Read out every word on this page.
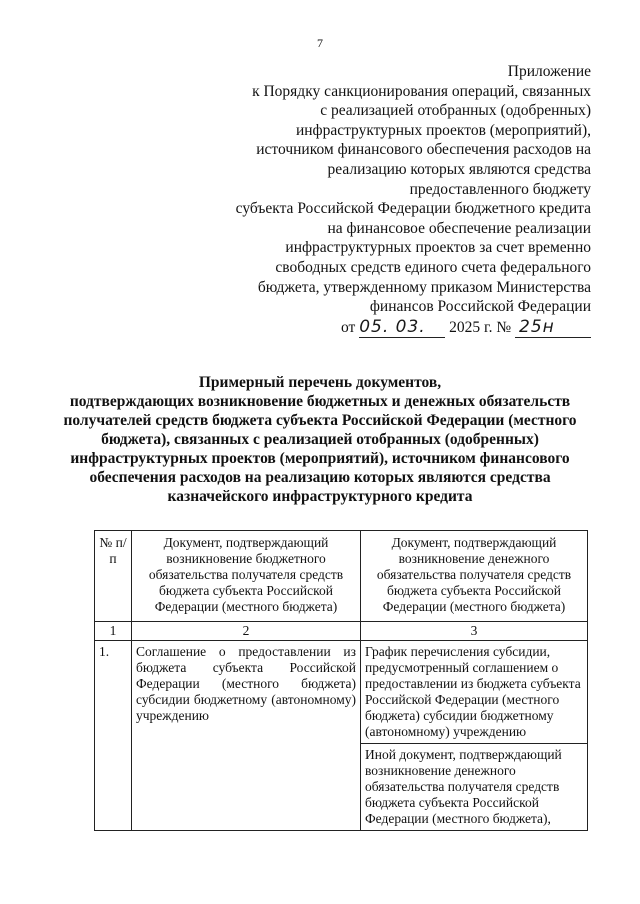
7
Приложение
к Порядку санкционирования операций, связанных
с реализацией отобранных (одобренных)
инфраструктурных проектов (мероприятий),
источником финансового обеспечения расходов на
реализацию которых являются средства
предоставленного бюджету
субъекта Российской Федерации бюджетного кредита
на финансовое обеспечение реализации
инфраструктурных проектов за счет временно
свободных средств единого счета федерального
бюджета, утвержденному приказом Министерства
финансов Российской Федерации
от 05. 03. 2025 г. № 25н
Примерный перечень документов,
подтверждающих возникновение бюджетных и денежных обязательств
получателей средств бюджета субъекта Российской Федерации (местного
бюджета), связанных с реализацией отобранных (одобренных)
инфраструктурных проектов (мероприятий), источником финансового
обеспечения расходов на реализацию которых являются средства
казначейского инфраструктурного кредита
№ п/п	Документ, подтверждающий возникновение бюджетного обязательства получателя средств бюджета субъекта Российской Федерации (местного бюджета)	Документ, подтверждающий возникновение денежного обязательства получателя средств бюджета субъекта Российской Федерации (местного бюджета)
1	2	3
1.	Соглашение о предоставлении из бюджета субъекта Российской Федерации (местного бюджета) субсидии бюджетному (автономному) учреждению	График перечисления субсидии, предусмотренный соглашением о предоставлении из бюджета субъекта Российской Федерации (местного бюджета) субсидии бюджетному (автономному) учреждению
Иной документ, подтверждающий возникновение денежного обязательства получателя средств бюджета субъекта Российской Федерации (местного бюджета),
